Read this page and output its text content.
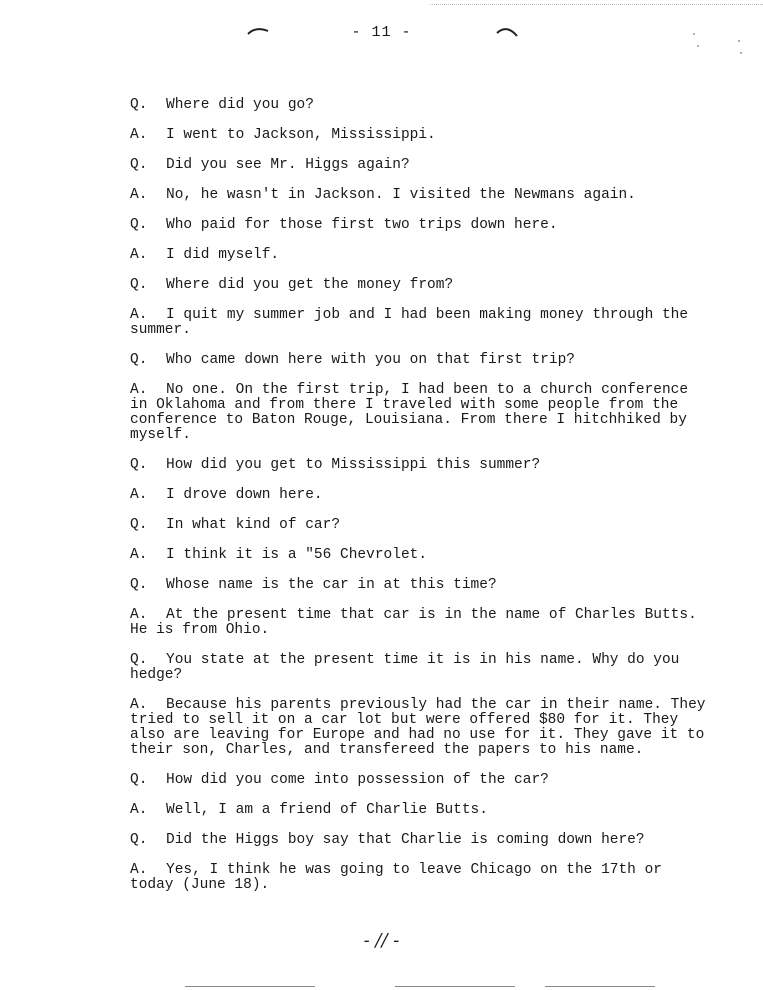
- 11 -
Q. Where did you go?
A. I went to Jackson, Mississippi.
Q. Did you see Mr. Higgs again?
A. No, he wasn't in Jackson. I visited the Newmans again.
Q. Who paid for those first two trips down here.
A. I did myself.
Q. Where did you get the money from?
A. I quit my summer job and I had been making money through the summer.
Q. Who came down here with you on that first trip?
A. No one. On the first trip, I had been to a church conference in Oklahoma and from there I traveled with some people from the conference to Baton Rouge, Louisiana. From there I hitchhiked by myself.
Q. How did you get to Mississippi this summer?
A. I drove down here.
Q. In what kind of car?
A. I think it is a "56 Chevrolet.
Q. Whose name is the car in at this time?
A. At the present time that car is in the name of Charles Butts. He is from Ohio.
Q. You state at the present time it is in his name. Why do you hedge?
A. Because his parents previously had the car in their name. They tried to sell it on a car lot but were offered $80 for it. They also are leaving for Europe and had no use for it. They gave it to their son, Charles, and transfereed the papers to his name.
Q. How did you come into possession of the car?
A. Well, I am a friend of Charlie Butts.
Q. Did the Higgs boy say that Charlie is coming down here?
A. Yes, I think he was going to leave Chicago on the 17th or today (June 18).
- // -
